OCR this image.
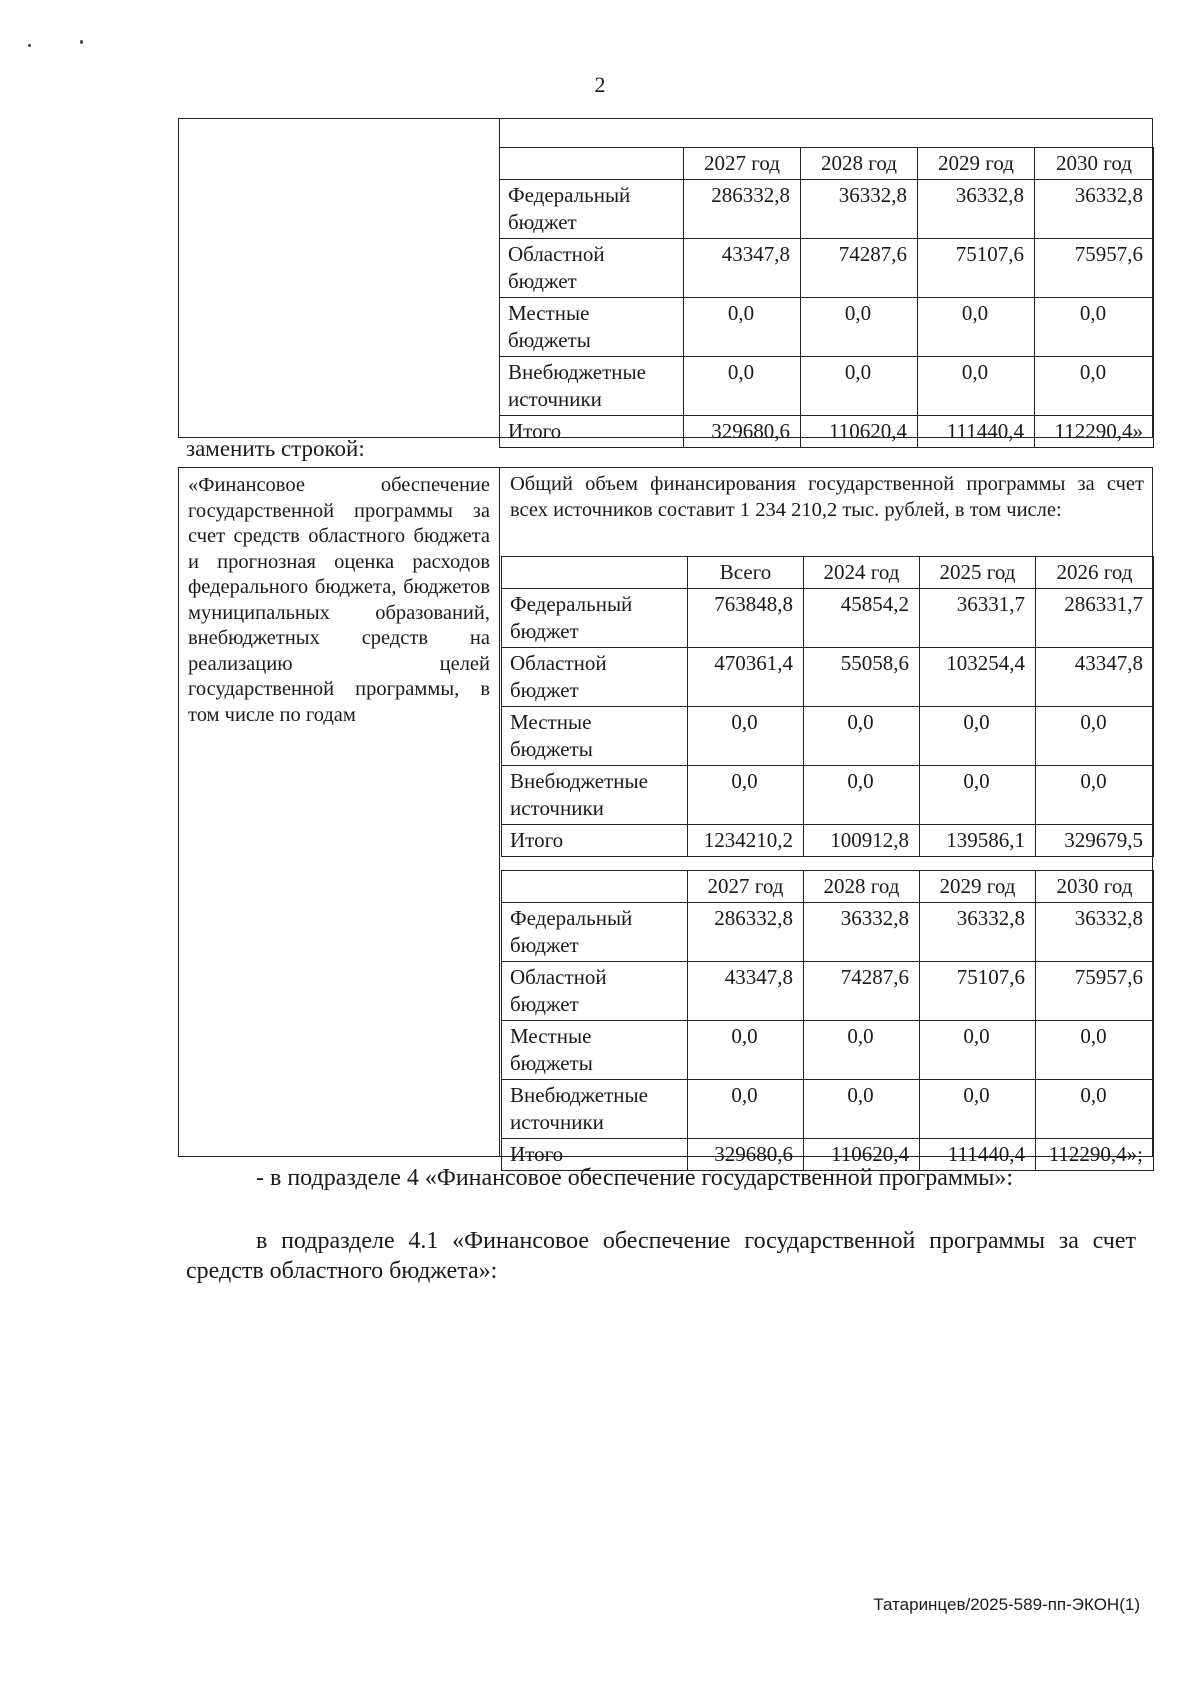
2
	2027 год	2028 год	2029 год	2030 год
Федеральный бюджет	286332,8	36332,8	36332,8	36332,8
Областной бюджет	43347,8	74287,6	75107,6	75957,6
Местные бюджеты	0,0	0,0	0,0	0,0
Внебюджетные источники	0,0	0,0	0,0	0,0
Итого	329680,6	110620,4	111440,4	112290,4»
заменить строкой:
«Финансовое обеспечение государственной программы за счет средств областного бюджета и прогнозная оценка расходов федерального бюджета, бюджетов муниципальных образований, внебюджетных средств на реализацию целей государственной программы, в том числе по годам
Общий объем финансирования государственной программы за счет всех источников составит 1 234 210,2 тыс. рублей, в том числе:
	Всего	2024 год	2025 год	2026 год
Федеральный бюджет	763848,8	45854,2	36331,7	286331,7
Областной бюджет	470361,4	55058,6	103254,4	43347,8
Местные бюджеты	0,0	0,0	0,0	0,0
Внебюджетные источники	0,0	0,0	0,0	0,0
Итого	1234210,2	100912,8	139586,1	329679,5
	2027 год	2028 год	2029 год	2030 год
Федеральный бюджет	286332,8	36332,8	36332,8	36332,8
Областной бюджет	43347,8	74287,6	75107,6	75957,6
Местные бюджеты	0,0	0,0	0,0	0,0
Внебюджетные источники	0,0	0,0	0,0	0,0
Итого	329680,6	110620,4	111440,4	112290,4»;
- в подразделе 4 «Финансовое обеспечение государственной программы»:
в подразделе 4.1 «Финансовое обеспечение государственной программы за счет средств областного бюджета»:
Татаринцев/2025-589-пп-ЭКОН(1)
